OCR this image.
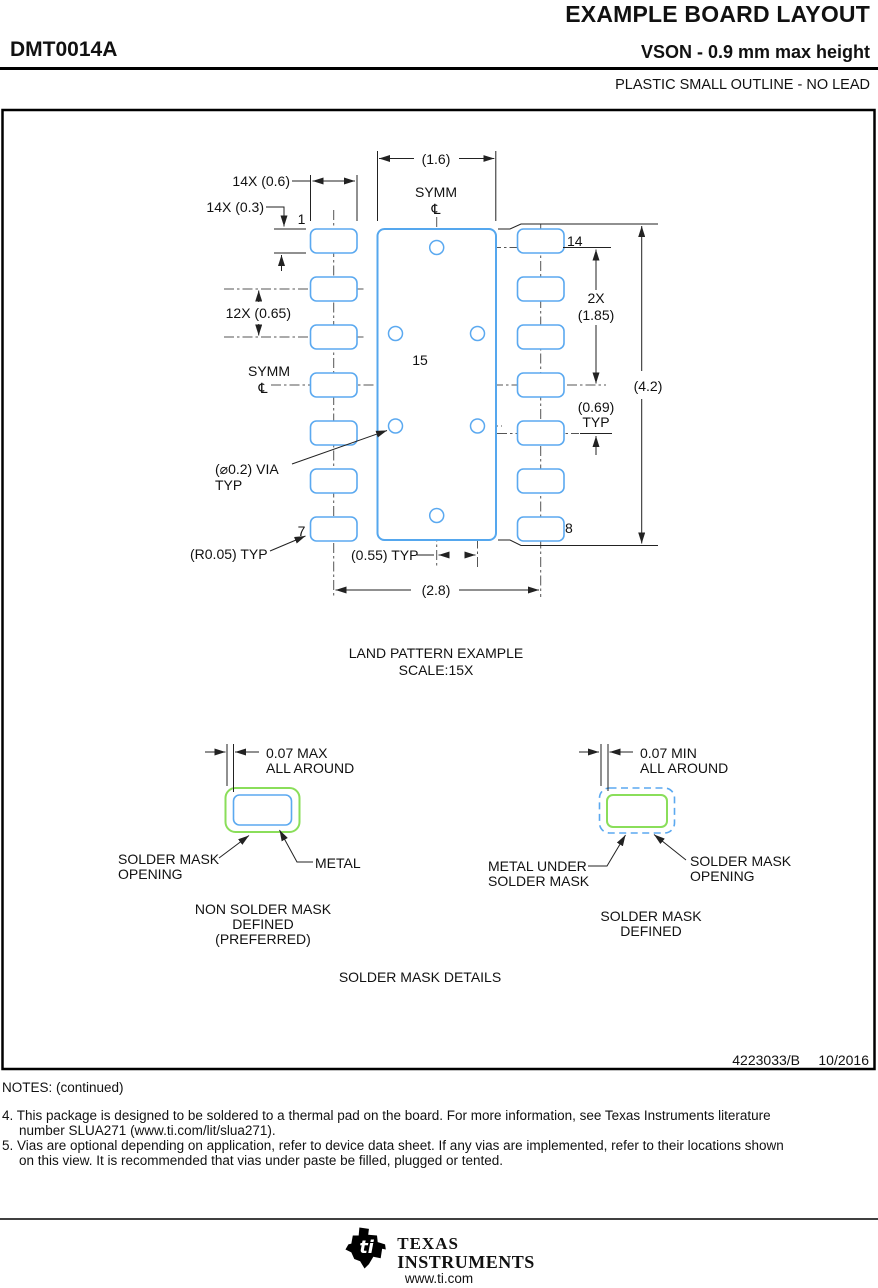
EXAMPLE BOARD LAYOUT
DMT0014A	VSON - 0.9 mm max height
PLASTIC SMALL OUTLINE - NO LEAD
14X (0.6)
14X (0.3)
12X (0.65)
(1.6)
SYMM
℄
1
14
2X
(1.85)
(4.2)
(0.69)
TYP
15
SYMM
℄
(⌀0.2) VIA
TYP
7	8
(R0.05) TYP	(0.55) TYP
(2.8)
LAND PATTERN EXAMPLE
SCALE:15X
0.07 MAX
ALL AROUND
SOLDER MASK
OPENING
METAL
NON SOLDER MASK
DEFINED
(PREFERRED)
0.07 MIN
ALL AROUND
METAL UNDER
SOLDER MASK
SOLDER MASK
OPENING
SOLDER MASK
DEFINED
SOLDER MASK DETAILS
4223033/B 10/2016
NOTES: (continued)
4. This package is designed to be soldered to a thermal pad on the board. For more information, see Texas Instruments literature
number SLUA271 (www.ti.com/lit/slua271).
5. Vias are optional depending on application, refer to device data sheet. If any vias are implemented, refer to their locations shown
on this view. It is recommended that vias under paste be filled, plugged or tented.
ti TEXAS
INSTRUMENTS
www.ti.com
